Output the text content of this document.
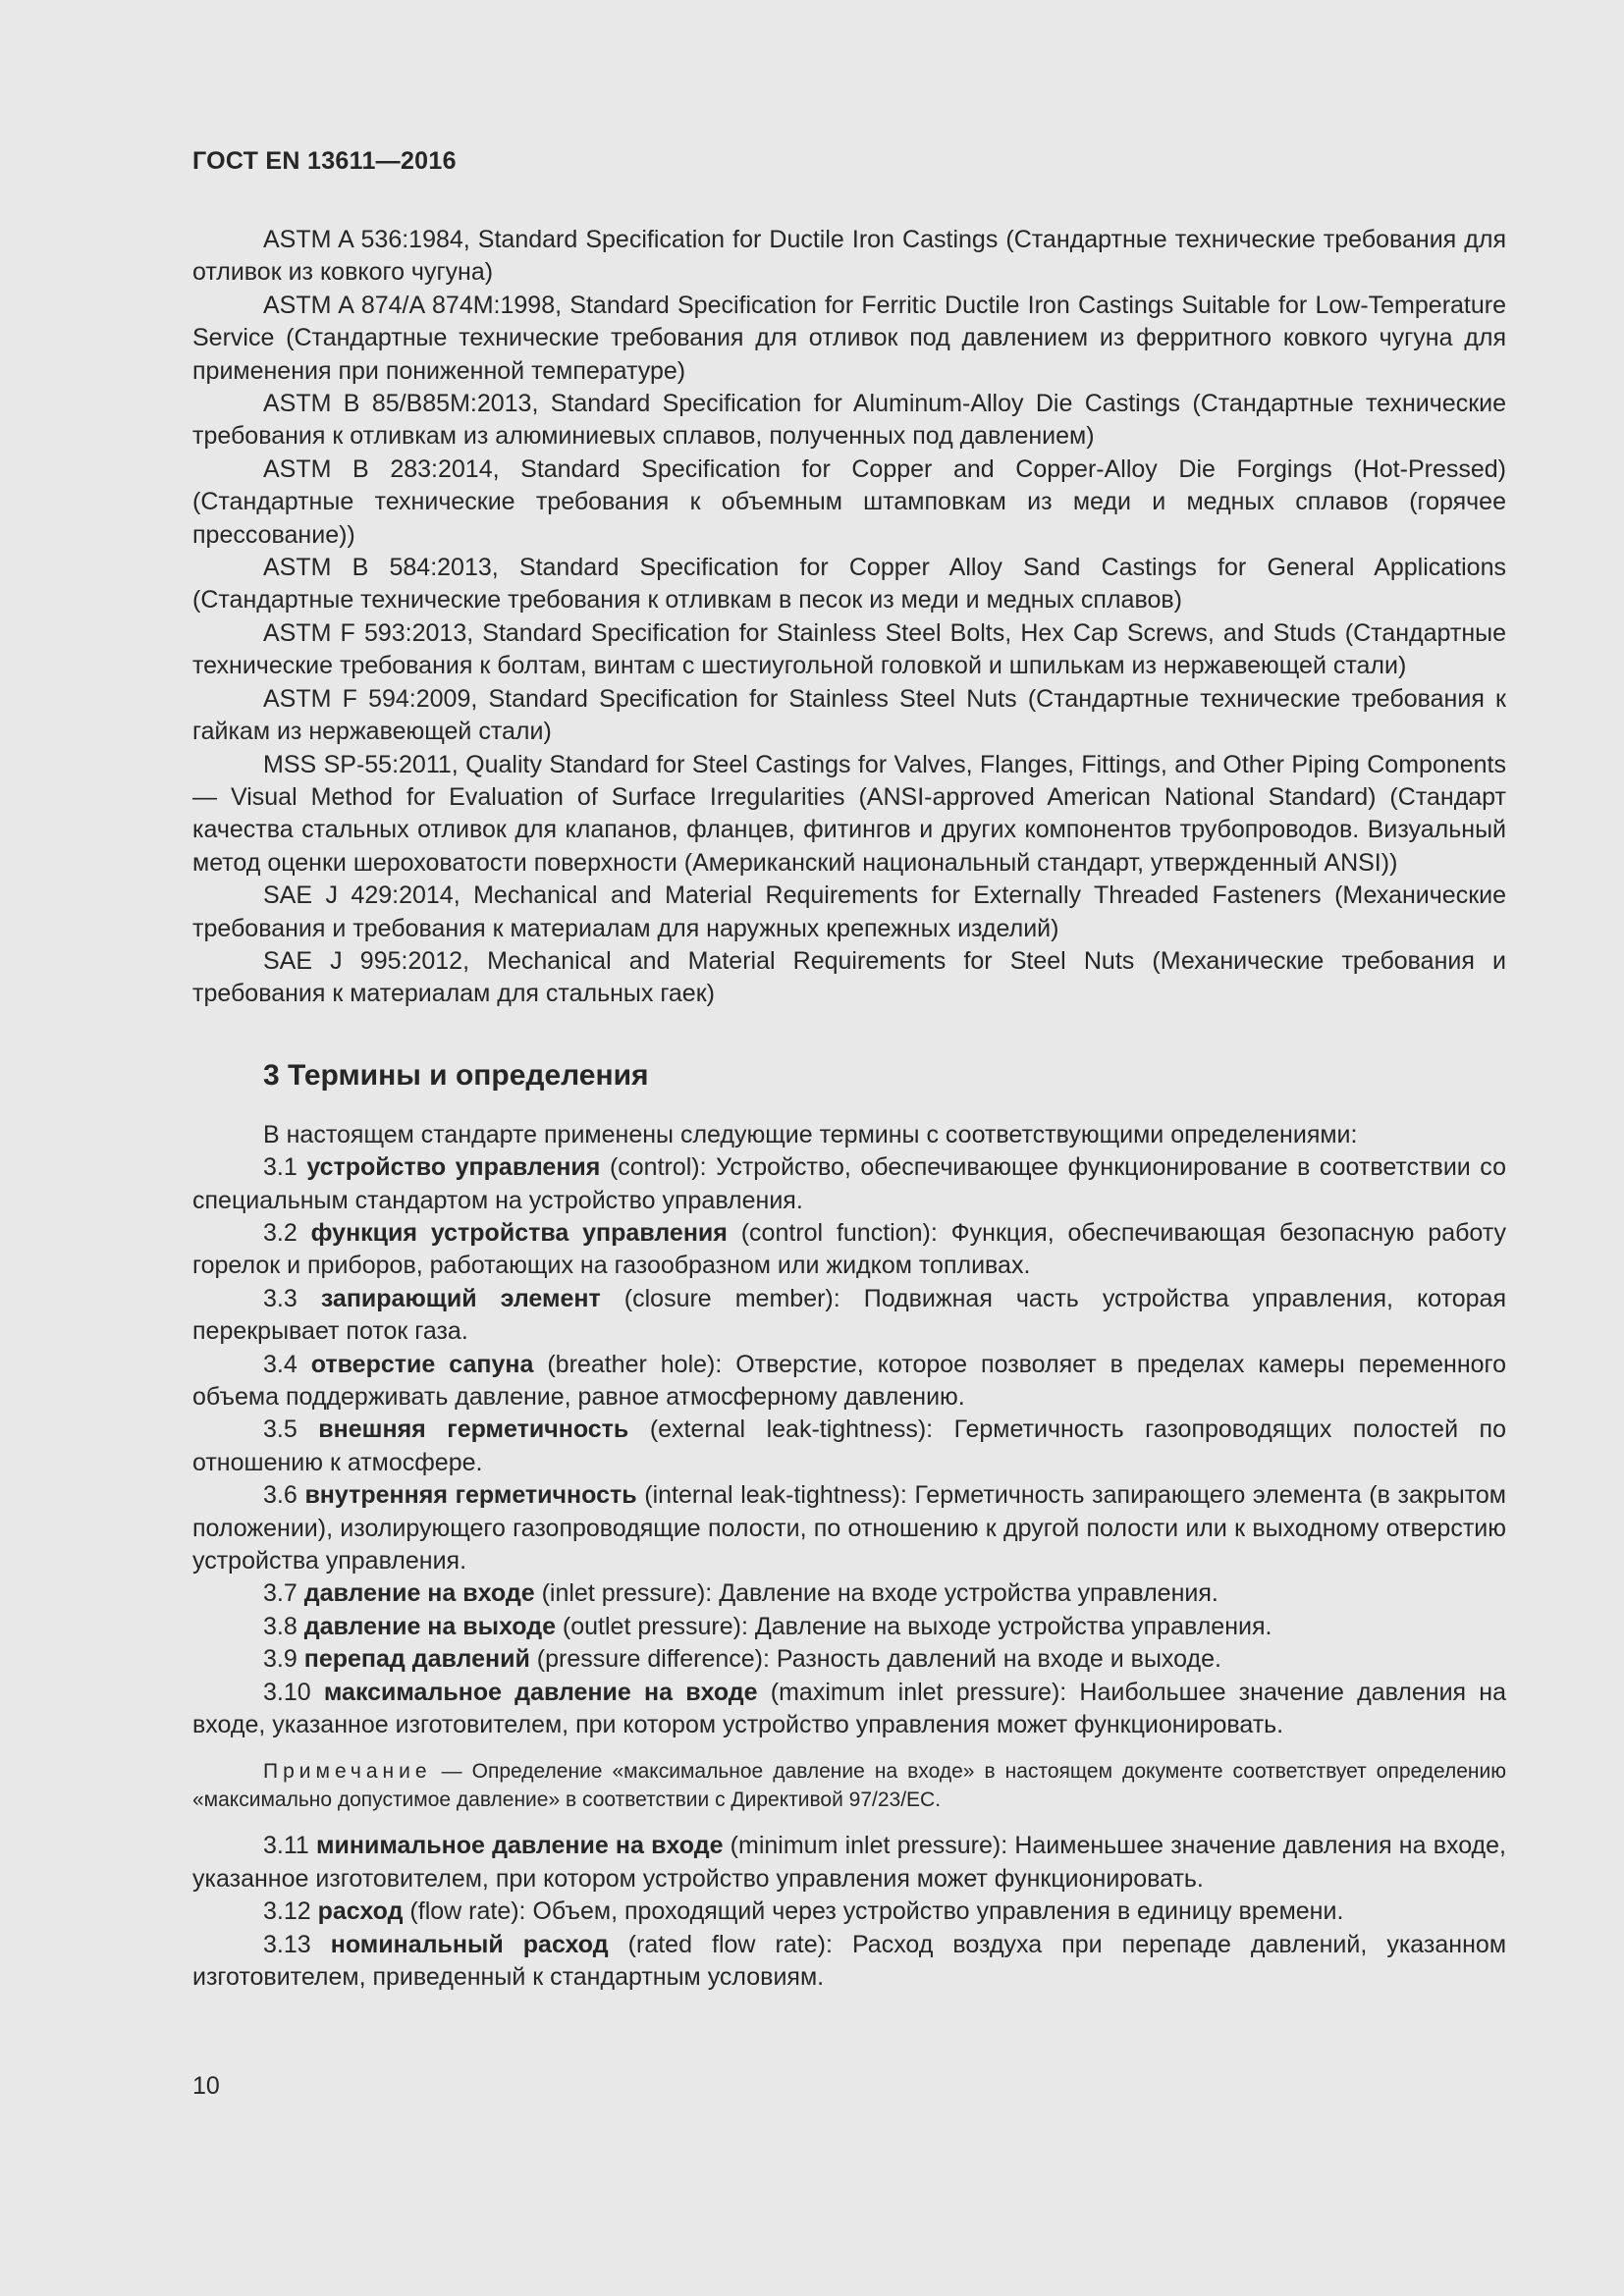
ГОСТ EN 13611—2016

ASTM A 536:1984, Standard Specification for Ductile Iron Castings (Стандартные технические требования для отливок из ковкого чугуна)

ASTM A 874/A 874M:1998, Standard Specification for Ferritic Ductile Iron Castings Suitable for Low-Temperature Service (Стандартные технические требования для отливок под давлением из ферритного ковкого чугуна для применения при пониженной температуре)

ASTM B 85/B85M:2013, Standard Specification for Aluminum-Alloy Die Castings (Стандартные технические требования к отливкам из алюминиевых сплавов, полученных под давлением)

ASTM B 283:2014, Standard Specification for Copper and Copper-Alloy Die Forgings (Hot-Pressed) (Стандартные технические требования к объемным штамповкам из меди и медных сплавов (горячее прессование))

ASTM B 584:2013, Standard Specification for Copper Alloy Sand Castings for General Applications (Стандартные технические требования к отливкам в песок из меди и медных сплавов)

ASTM F 593:2013, Standard Specification for Stainless Steel Bolts, Hex Cap Screws, and Studs (Стандартные технические требования к болтам, винтам с шестиугольной головкой и шпилькам из нержавеющей стали)

ASTM F 594:2009, Standard Specification for Stainless Steel Nuts (Стандартные технические требования к гайкам из нержавеющей стали)

MSS SP-55:2011, Quality Standard for Steel Castings for Valves, Flanges, Fittings, and Other Piping Components — Visual Method for Evaluation of Surface Irregularities (ANSI-approved American National Standard) (Стандарт качества стальных отливок для клапанов, фланцев, фитингов и других компонентов трубопроводов. Визуальный метод оценки шероховатости поверхности (Американский национальный стандарт, утвержденный ANSI))

SAE J 429:2014, Mechanical and Material Requirements for Externally Threaded Fasteners (Механические требования и требования к материалам для наружных крепежных изделий)

SAE J 995:2012, Mechanical and Material Requirements for Steel Nuts (Механические требования и требования к материалам для стальных гаек)

3 Термины и определения

В настоящем стандарте применены следующие термины с соответствующими определениями:

3.1 устройство управления (control): Устройство, обеспечивающее функционирование в соответствии со специальным стандартом на устройство управления.

3.2 функция устройства управления (control function): Функция, обеспечивающая безопасную работу горелок и приборов, работающих на газообразном или жидком топливах.

3.3 запирающий элемент (closure member): Подвижная часть устройства управления, которая перекрывает поток газа.

3.4 отверстие сапуна (breather hole): Отверстие, которое позволяет в пределах камеры переменного объема поддерживать давление, равное атмосферному давлению.

3.5 внешняя герметичность (external leak-tightness): Герметичность газопроводящих полостей по отношению к атмосфере.

3.6 внутренняя герметичность (internal leak-tightness): Герметичность запирающего элемента (в закрытом положении), изолирующего газопроводящие полости, по отношению к другой полости или к выходному отверстию устройства управления.

3.7 давление на входе (inlet pressure): Давление на входе устройства управления.

3.8 давление на выходе (outlet pressure): Давление на выходе устройства управления.

3.9 перепад давлений (pressure difference): Разность давлений на входе и выходе.

3.10 максимальное давление на входе (maximum inlet pressure): Наибольшее значение давления на входе, указанное изготовителем, при котором устройство управления может функционировать.

Примечание — Определение «максимальное давление на входе» в настоящем документе соответствует определению «максимально допустимое давление» в соответствии с Директивой 97/23/ЕС.

3.11 минимальное давление на входе (minimum inlet pressure): Наименьшее значение давления на входе, указанное изготовителем, при котором устройство управления может функционировать.

3.12 расход (flow rate): Объем, проходящий через устройство управления в единицу времени.

3.13 номинальный расход (rated flow rate): Расход воздуха при перепаде давлений, указанном изготовителем, приведенный к стандартным условиям.

10
